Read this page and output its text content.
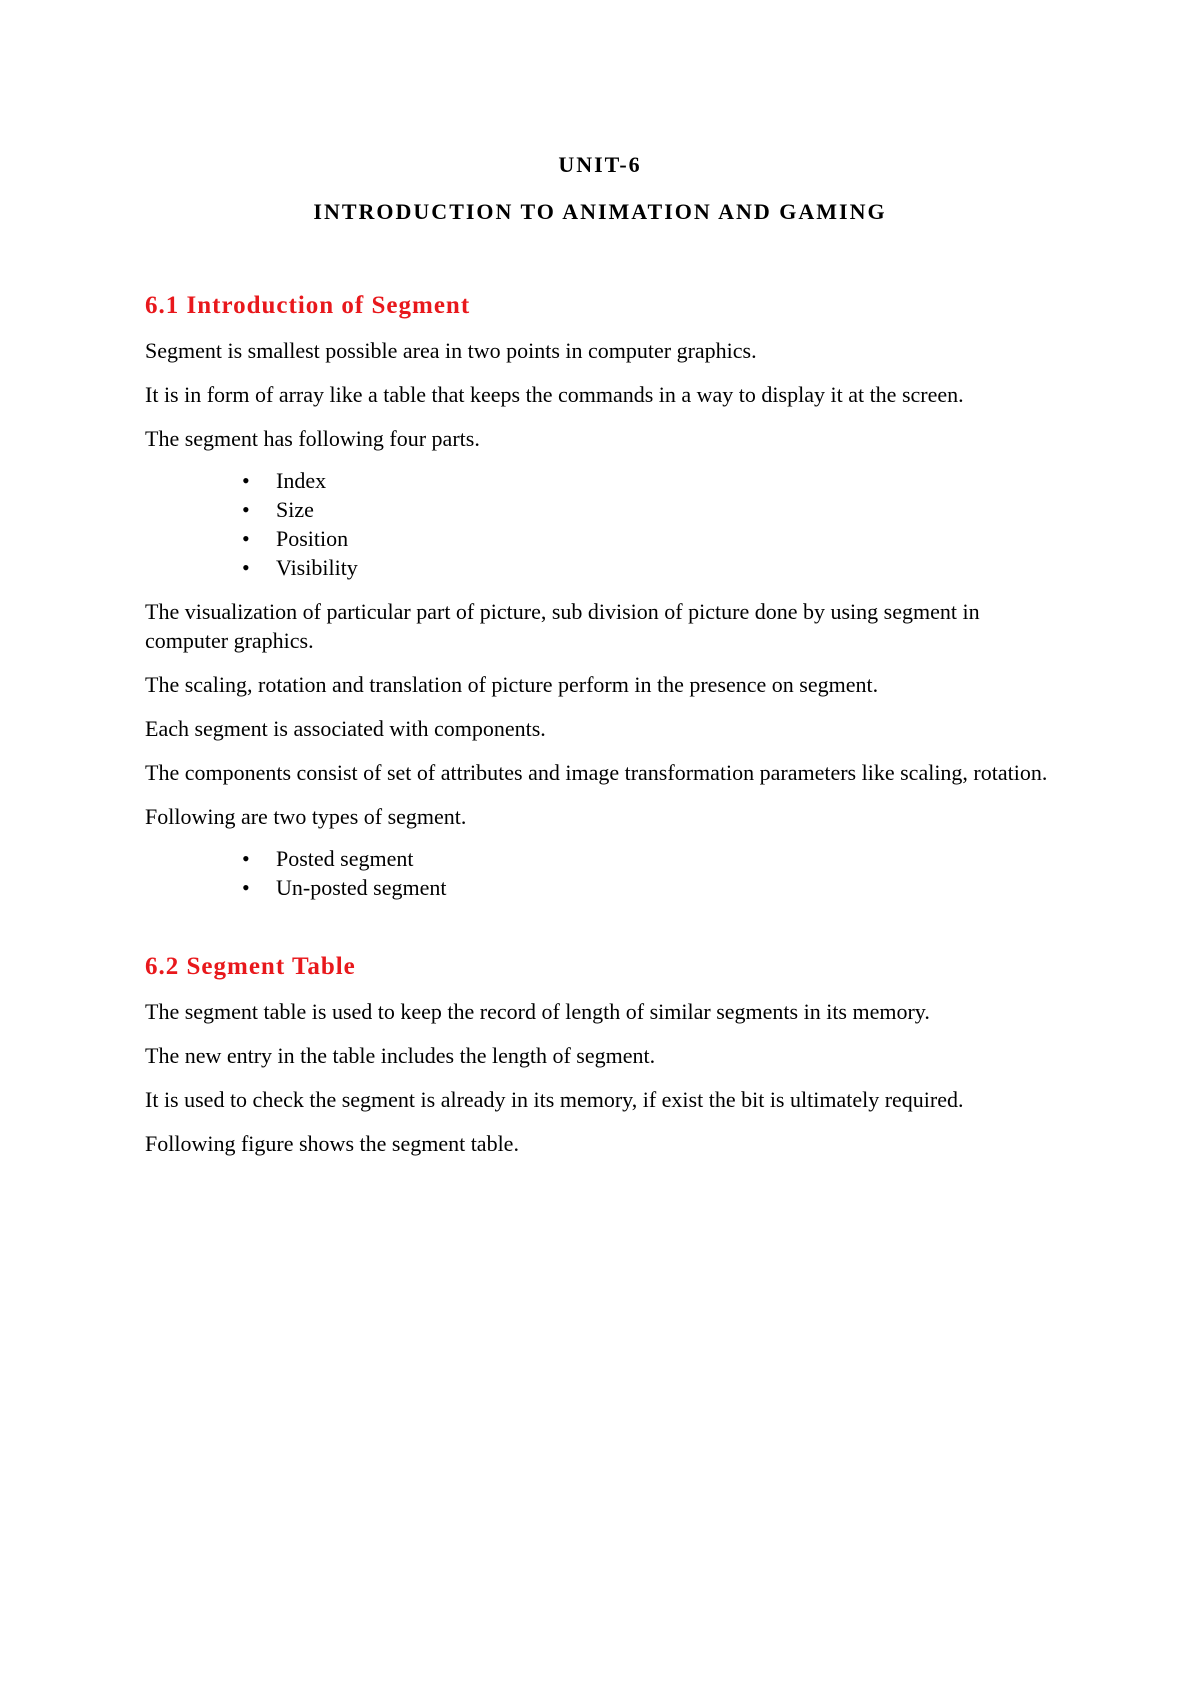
UNIT-6
INTRODUCTION TO ANIMATION AND GAMING
6.1 Introduction of Segment

Segment is smallest possible area in two points in computer graphics.

It is in form of array like a table that keeps the commands in a way to display it at the screen.

The segment has following four parts.

• Index
• Size
• Position
• Visibility

The visualization of particular part of picture, sub division of picture done by using segment in computer graphics.

The scaling, rotation and translation of picture perform in the presence on segment.

Each segment is associated with components.

The components consist of set of attributes and image transformation parameters like scaling, rotation.

Following are two types of segment.

• Posted segment
• Un-posted segment
6.2 Segment Table

The segment table is used to keep the record of length of similar segments in its memory.

The new entry in the table includes the length of segment.

It is used to check the segment is already in its memory, if exist the bit is ultimately required.

Following figure shows the segment table.
